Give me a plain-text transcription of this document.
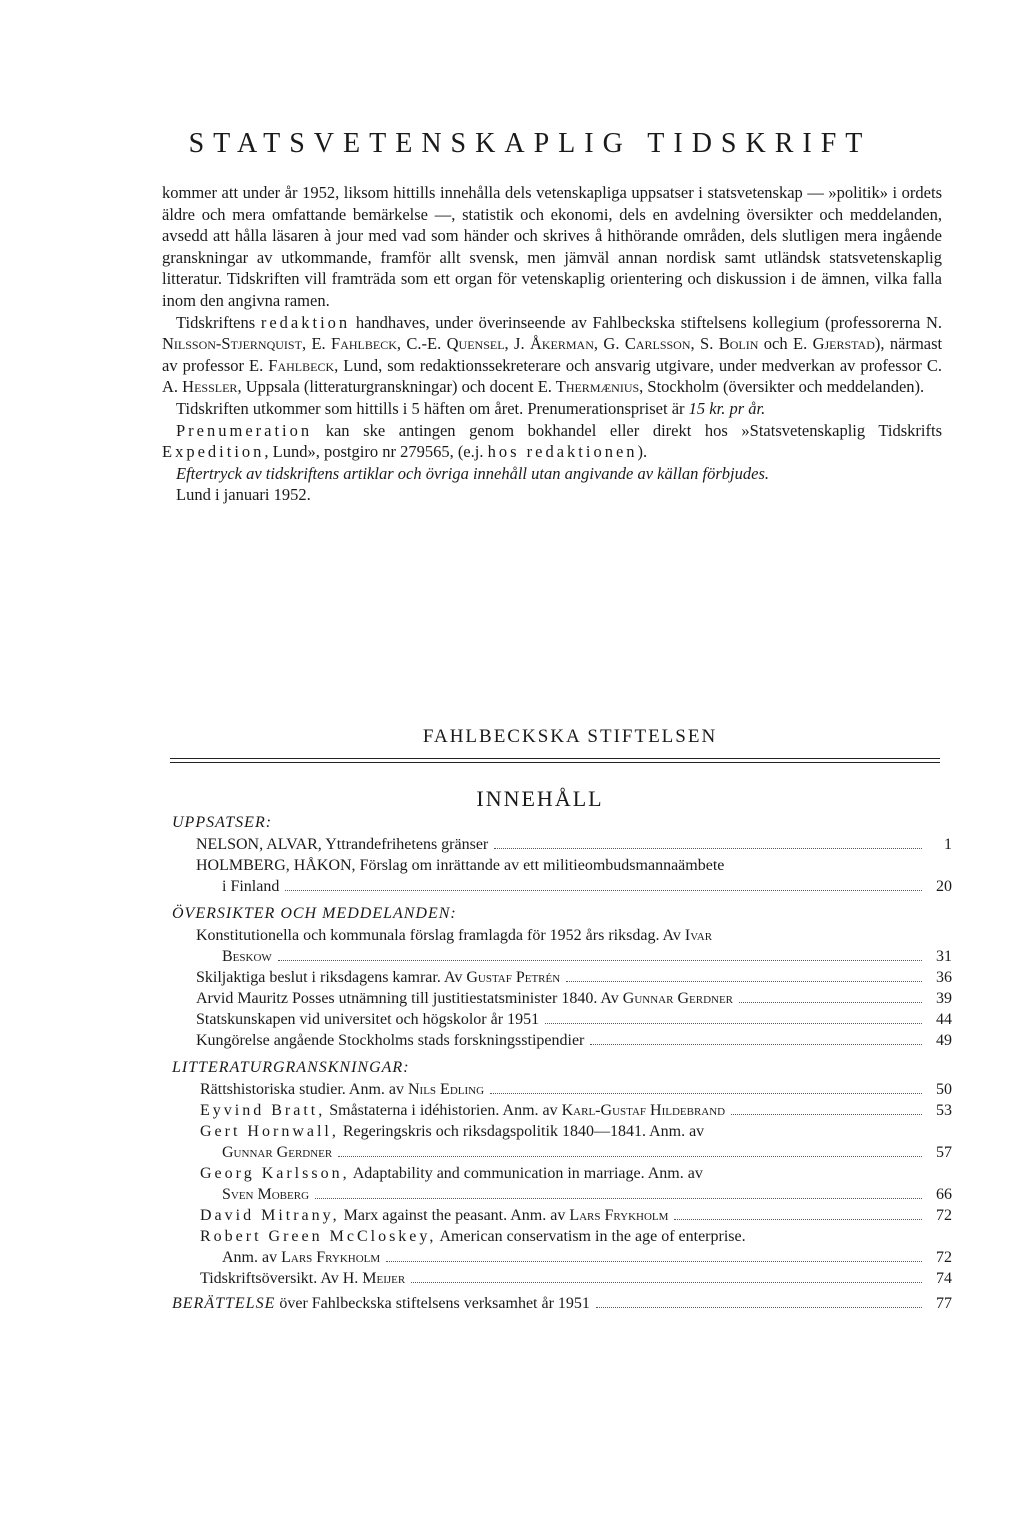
STATSVETENSKAPLIG TIDSKRIFT

kommer att under år 1952, liksom hittills innehålla dels vetenskapliga uppsatser i statsvetenskap — »politik» i ordets äldre och mera omfattande bemärkelse —, statistik och ekonomi, dels en avdelning översikter och meddelanden, avsedd att hålla läsaren à jour med vad som händer och skrives å hithörande områden, dels slutligen mera ingående granskningar av utkommande, framför allt svensk, men jämväl annan nordisk samt utländsk statsvetenskaplig litteratur. Tidskriften vill framträda som ett organ för vetenskaplig orientering och diskussion i de ämnen, vilka falla inom den angivna ramen.

Tidskriftens redaktion handhaves, under överinseende av Fahlbeckska stiftelsens kollegium (professorerna N. Nilsson-Stjernquist, E. Fahlbeck, C.-E. Quensel, J. Åkerman, G. Carlsson, S. Bolin och E. Gjerstad), närmast av professor E. Fahlbeck, Lund, som redaktionssekreterare och ansvarig utgivare, under medverkan av professor C. A. Hessler, Uppsala (litteraturgranskningar) och docent E. Thermænius, Stockholm (översikter och meddelanden).

Tidskriften utkommer som hittills i 5 häften om året. Prenumerationspriset är 15 kr. pr år.

Prenumeration kan ske antingen genom bokhandel eller direkt hos »Statsvetenskaplig Tidskrifts Expedition, Lund», postgiro nr 279565, (e.j. hos redaktionen).

Eftertryck av tidskriftens artiklar och övriga innehåll utan angivande av källan förbjudes.

Lund i januari 1952.

FAHLBECKSKA STIFTELSEN
INNEHÅLL

UPPSATSER:

NELSON, ALVAR, Yttrandefrihetens gränser	1
HOLMBERG, HÅKON, Förslag om inrättande av ett militieombudsmannaämbete
i Finland	20

ÖVERSIKTER OCH MEDDELANDEN:

Konstitutionella och kommunala förslag framlagda för 1952 års riksdag. Av Ivar
Beskow	31
Skiljaktiga beslut i riksdagens kamrar. Av Gustaf Petrén	36
Arvid Mauritz Posses utnämning till justitiestatsminister 1840. Av Gunnar Gerdner	39
Statskunskapen vid universitet och högskolor år 1951	44
Kungörelse angående Stockholms stads forskningsstipendier	49

LITTERATURGRANSKNINGAR:

Rättshistoriska studier. Anm. av Nils Edling	50
Eyvind Bratt, Småstaterna i idéhistorien. Anm. av Karl-Gustaf Hildebrand	53
Gert Hornwall, Regeringskris och riksdagspolitik 1840—1841. Anm. av
Gunnar Gerdner	57
Georg Karlsson, Adaptability and communication in marriage. Anm. av
Sven Moberg	66
David Mitrany, Marx against the peasant. Anm. av Lars Frykholm	72
Robert Green McCloskey, American conservatism in the age of enterprise.
Anm. av Lars Frykholm	72
Tidskriftsöversikt. Av H. Meijer	74
BERÄTTELSE över Fahlbeckska stiftelsens verksamhet år 1951	77
